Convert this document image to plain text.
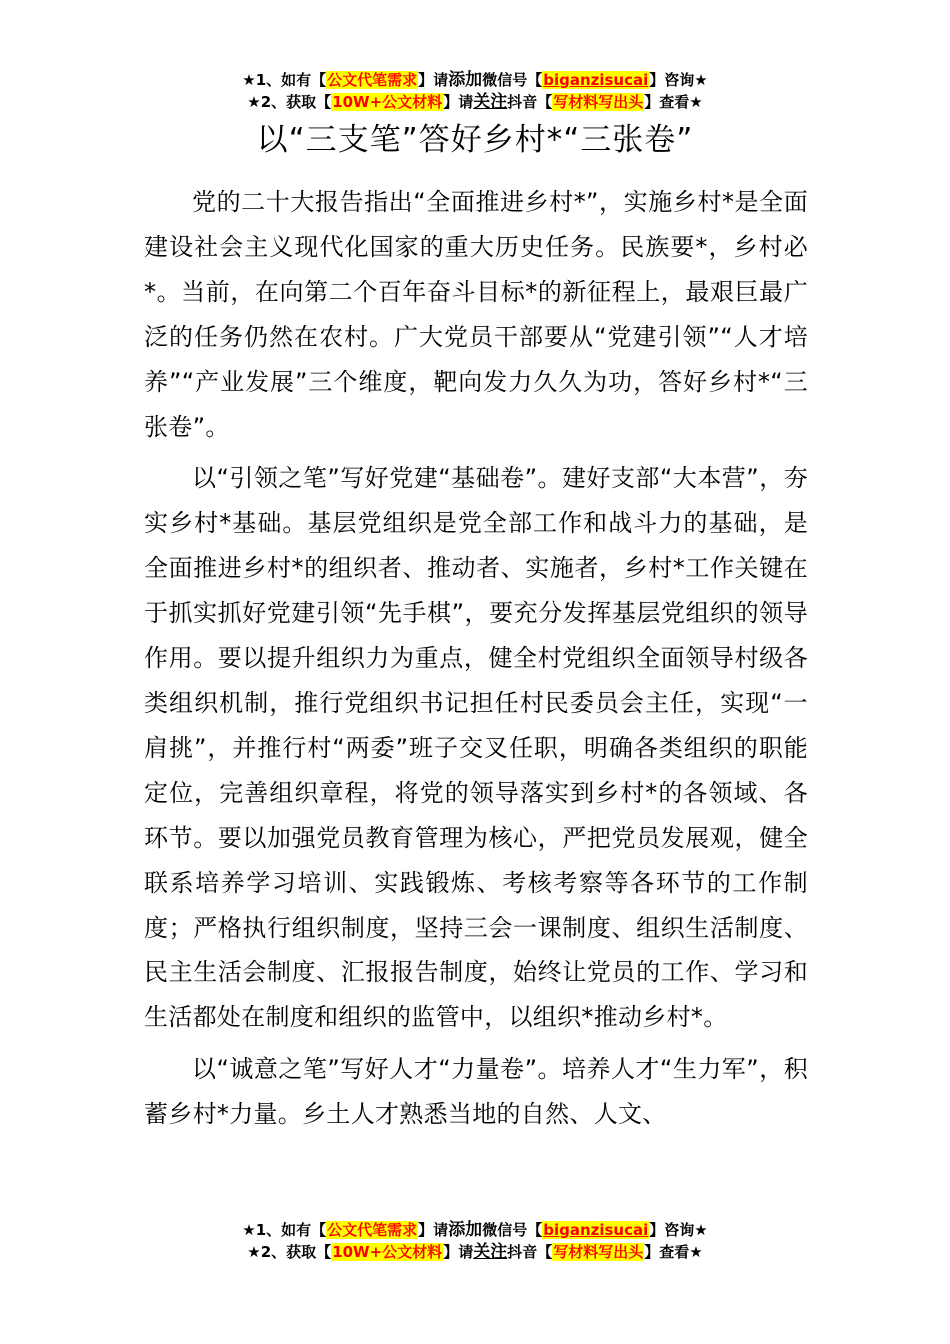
★1、如有【公文代笔需求】请添加微信号【biganzisucai】咨询★
★2、获取【10W+公文材料】请关注抖音【写材料写出头】查看★
以“三支笔”答好乡村*“三张卷”

党的二十大报告指出“全面推进乡村*”，实施乡村*是全面建设社会主义现代化国家的重大历史任务。民族要*，乡村必*。当前，在向第二个百年奋斗目标*的新征程上，最艰巨最广泛的任务仍然在农村。广大党员干部要从“党建引领”“人才培养”“产业发展”三个维度，靶向发力久久为功，答好乡村*“三张卷”。

以“引领之笔”写好党建“基础卷”。建好支部“大本营”，夯实乡村*基础。基层党组织是党全部工作和战斗力的基础，是全面推进乡村*的组织者、推动者、实施者，乡村*工作关键在于抓实抓好党建引领“先手棋”，要充分发挥基层党组织的领导作用。要以提升组织力为重点，健全村党组织全面领导村级各类组织机制，推行党组织书记担任村民委员会主任，实现“一肩挑”，并推行村“两委”班子交叉任职，明确各类组织的职能定位，完善组织章程，将党的领导落实到乡村*的各领域、各环节。要以加强党员教育管理为核心，严把党员发展观，健全联系培养学习培训、实践锻炼、考核考察等各环节的工作制度；严格执行组织制度，坚持三会一课制度、组织生活制度、民主生活会制度、汇报报告制度，始终让党员的工作、学习和生活都处在制度和组织的监管中，以组织*推动乡村*。

以“诚意之笔”写好人才“力量卷”。培养人才“生力军”，积蓄乡村*力量。乡土人才熟悉当地的自然、人文、

★1、如有【公文代笔需求】请添加微信号【biganzisucai】咨询★
★2、获取【10W+公文材料】请关注抖音【写材料写出头】查看★
